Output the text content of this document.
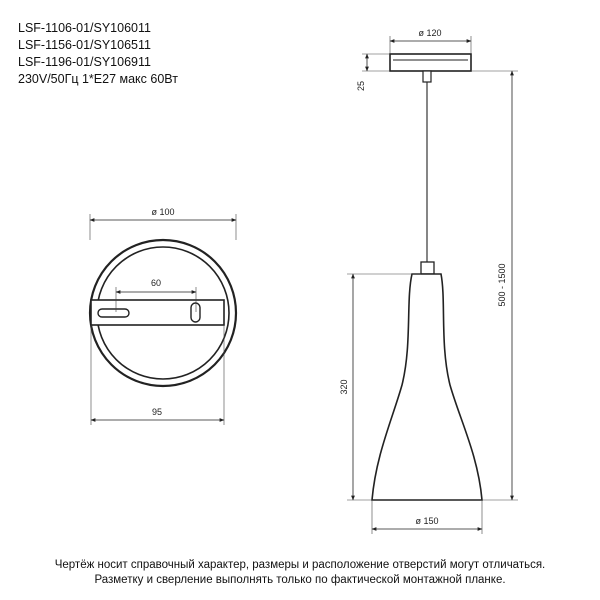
LSF-1106-01/SY106011
LSF-1156-01/SY106511
LSF-1196-01/SY106911
230V/50Гц 1*E27 макс 60Вт
ø 100
60
95
ø 120
25
500 - 1500
320
ø 150
Чертёж носит справочный характер, размеры и расположение отверстий могут отличаться.
Разметку и сверление выполнять только по фактической монтажной планке.
